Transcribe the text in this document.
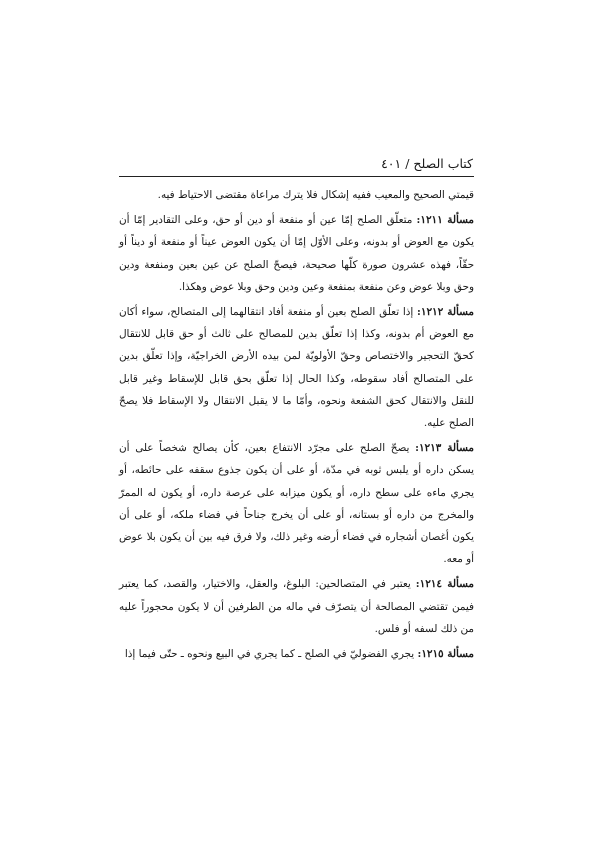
كتاب الصلح / ٤٠١

قيمتي الصحيح والمعيب ففيه إشكال فلا يترك مراعاة مقتضى الاحتياط فيه.

مسألة ١٢١١: متعلّق الصلح إمّا عين أو منفعة أو دين أو حق، وعلى التقادير إمّا أن يكون مع العوض أو بدونه، وعلى الأوّل إمّا أن يكون العوض عيناً أو منفعة أو ديناً أو حقّاً، فهذه عشرون صورة كلّها صحيحة، فيصحّ الصلح عن عين بعين ومنفعة ودين وحق وبلا عوض وعن منفعة بمنفعة وعين ودين وحق وبلا عوض وهكذا.

مسألة ١٢١٢: إذا تعلّق الصلح بعين أو منفعة أفاد انتقالهما إلى المتصالح، سواء أكان مع العوض أم بدونه، وكذا إذا تعلّق بدين للمصالح على ثالث أو حق قابل للانتقال كحقّ التحجير والاختصاص وحقّ الأولويّة لمن بيده الأرض الخراجيّة، وإذا تعلّق بدين على المتصالح أفاد سقوطه، وكذا الحال إذا تعلّق بحق قابل للإسقاط وغير قابل للنقل والانتقال كحق الشفعة ونحوه، وأمّا ما لا يقبل الانتقال ولا الإسقاط فلا يصحّ الصلح عليه.

مسألة ١٢١٣: يصحّ الصلح على مجرّد الانتفاع بعين، كأن يصالح شخصاً على أن يسكن داره أو يلبس ثوبه في مدّة، أو على أن يكون جذوع سقفه على حائطه، أو يجري ماءه على سطح داره، أو يكون ميزابه على عرصة داره، أو يكون له الممرّ والمخرج من داره أو بستانه، أو على أن يخرج جناحاً في فضاء ملكه، أو على أن يكون أغصان أشجاره في فضاء أرضه وغير ذلك، ولا فرق فيه بين أن يكون بلا عوض أو معه.

مسألة ١٢١٤: يعتبر في المتصالحين: البلوغ، والعقل، والاختيار، والقصد، كما يعتبر فيمن تقتضي المصالحة أن يتصرّف في ماله من الطرفين أن لا يكون محجوراً عليه من ذلك لسفه أو فلس.

مسألة ١٢١٥: يجري الفضوليّ في الصلح ـ كما يجري في البيع ونحوه ـ حتّى فيما إذا
